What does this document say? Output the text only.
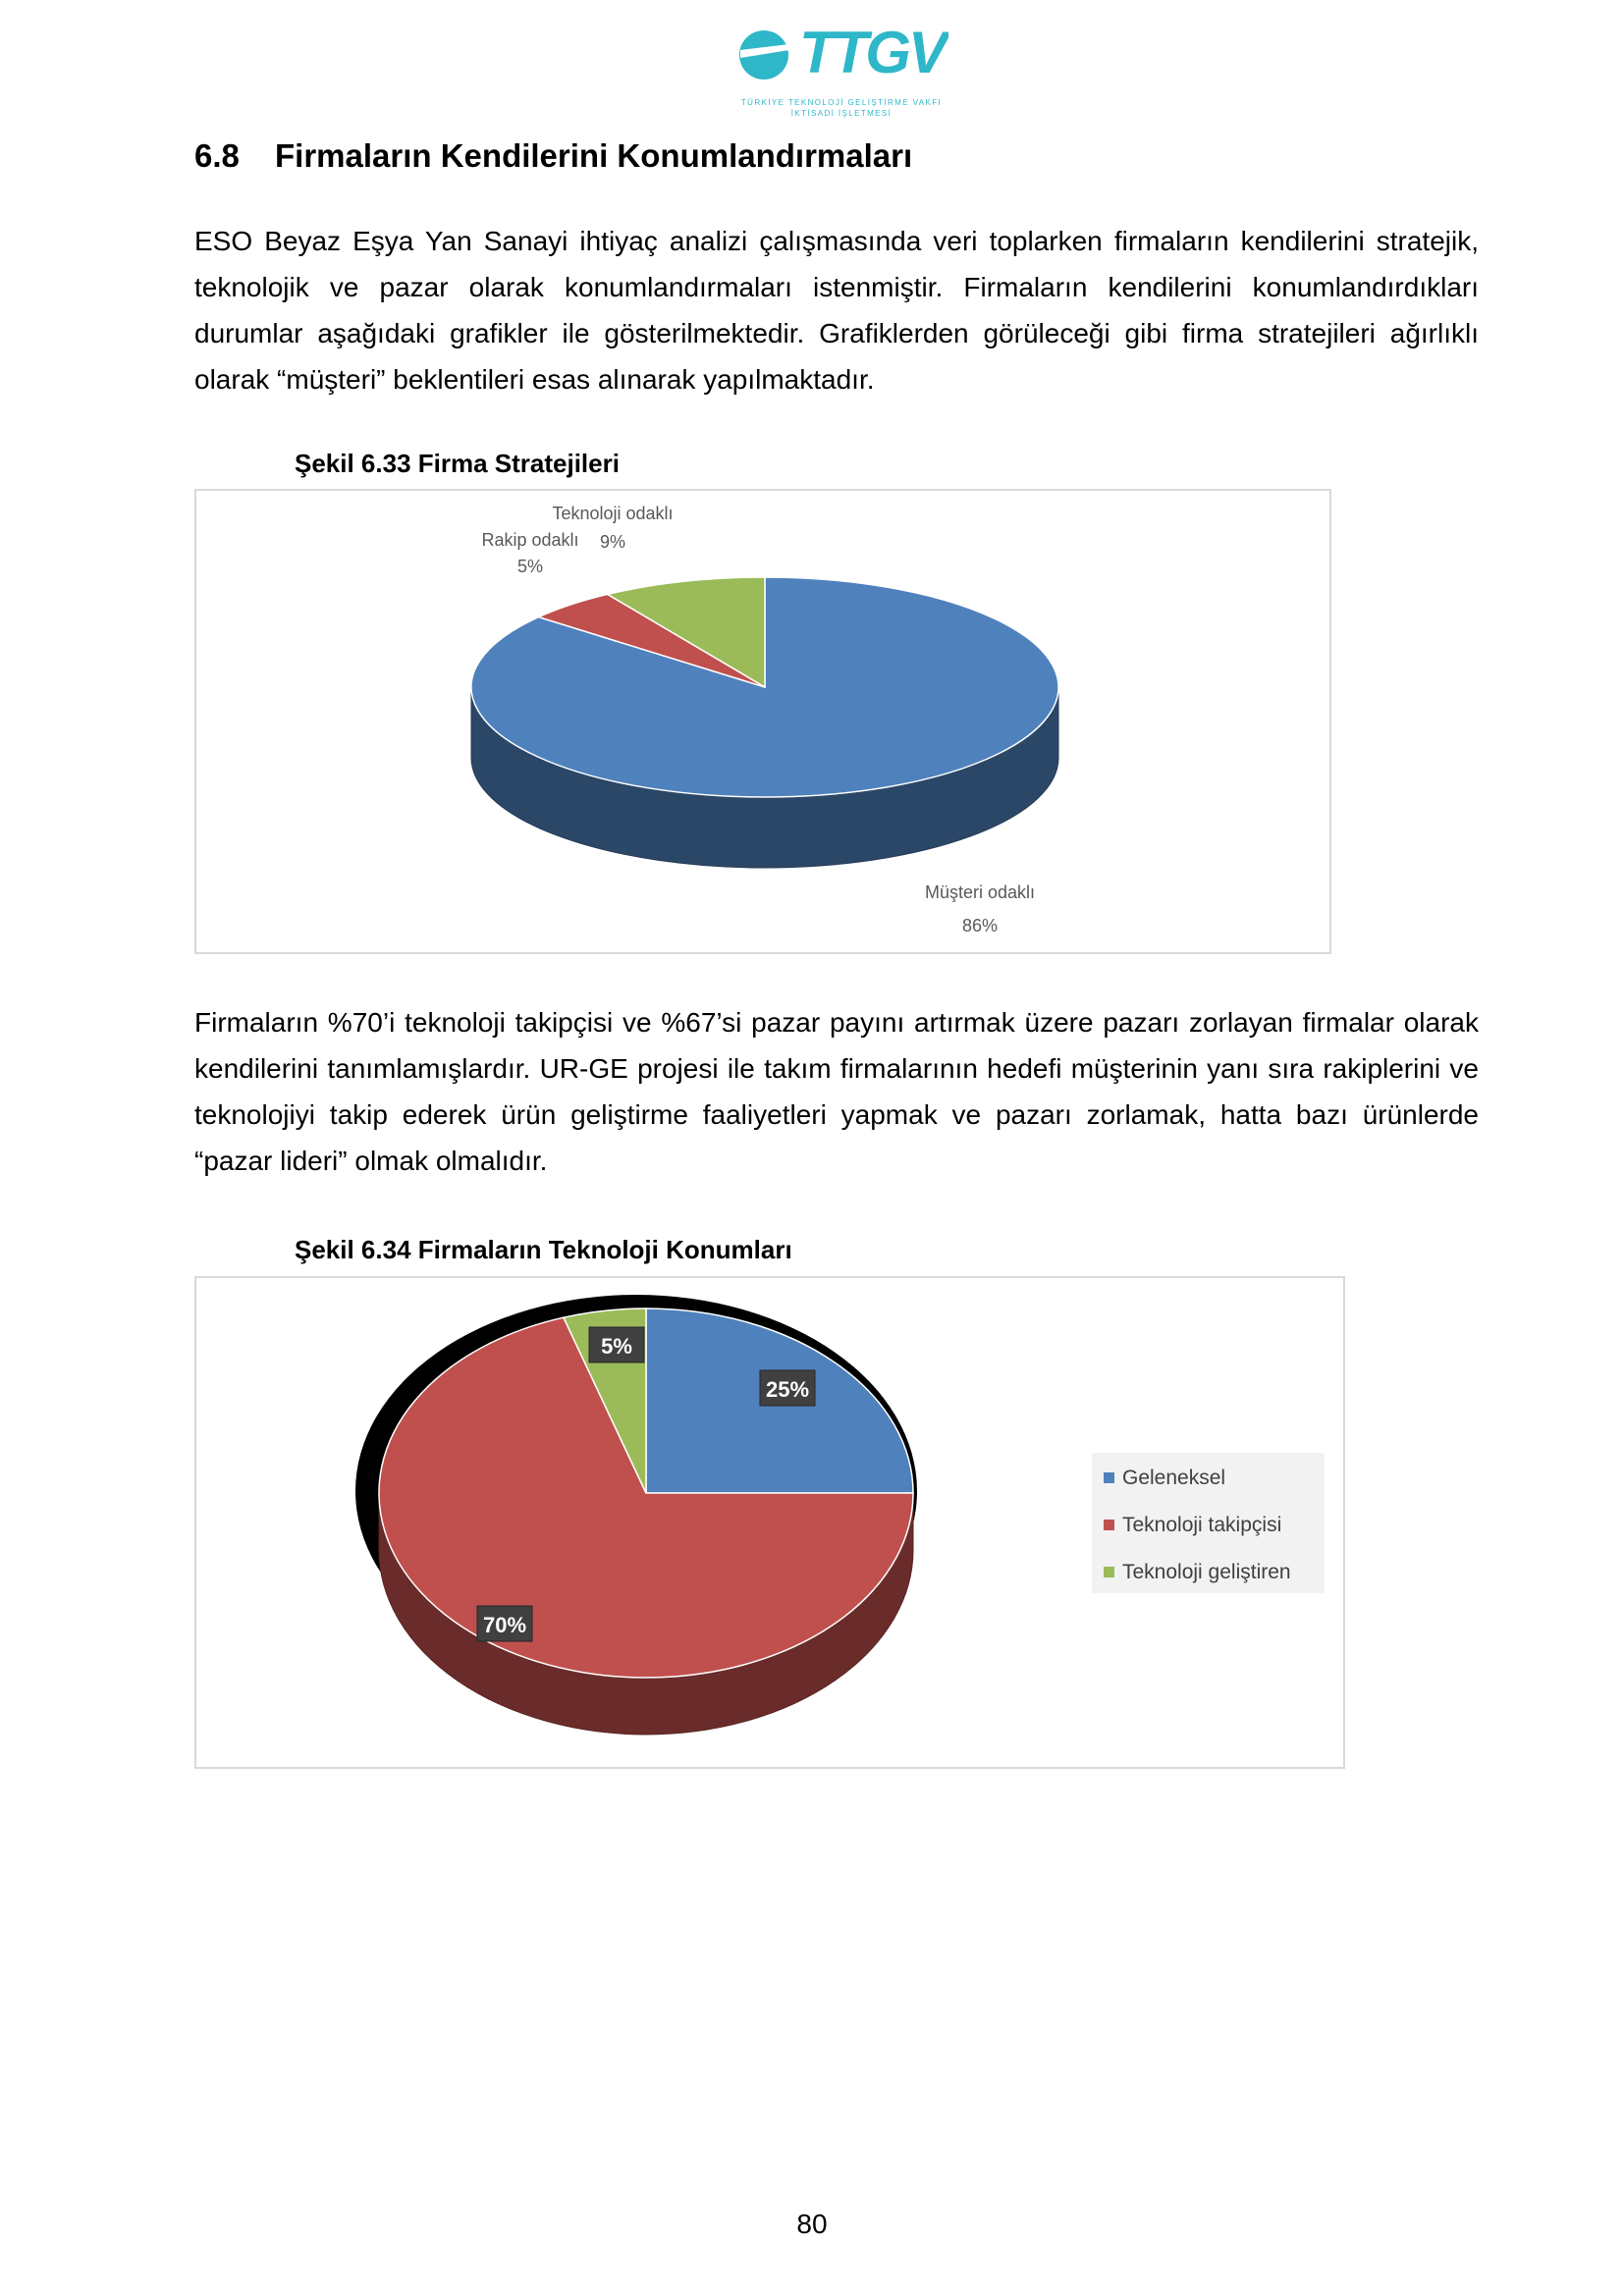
TTGV
TÜRKİYE TEKNOLOJİ GELİŞTİRME VAKFI
İKTİSADİ İŞLETMESİ
6.8 Firmaların Kendilerini Konumlandırmaları

ESO Beyaz Eşya Yan Sanayi ihtiyaç analizi çalışmasında veri toplarken firmaların kendilerini stratejik, teknolojik ve pazar olarak konumlandırmaları istenmiştir. Firmaların kendilerini konumlandırdıkları durumlar aşağıdaki grafikler ile gösterilmektedir. Grafiklerden görüleceği gibi firma stratejileri ağırlıklı olarak “müşteri” beklentileri esas alınarak yapılmaktadır.

Şekil 6.33 Firma Stratejileri
Müşteri odaklı
86%
Rakip odaklı
5%
Teknoloji odaklı
9%

Firmaların %70’i teknoloji takipçisi ve %67’si pazar payını artırmak üzere pazarı zorlayan firmalar olarak kendilerini tanımlamışlardır. UR-GE projesi ile takım firmalarının hedefi müşterinin yanı sıra rakiplerini ve teknolojiyi takip ederek ürün geliştirme faaliyetleri yapmak ve pazarı zorlamak, hatta bazı ürünlerde “pazar lideri” olmak olmalıdır.

Şekil 6.34 Firmaların Teknoloji Konumları
25%
70%
5%
Geleneksel
Teknoloji takipçisi
Teknoloji geliştiren
80
